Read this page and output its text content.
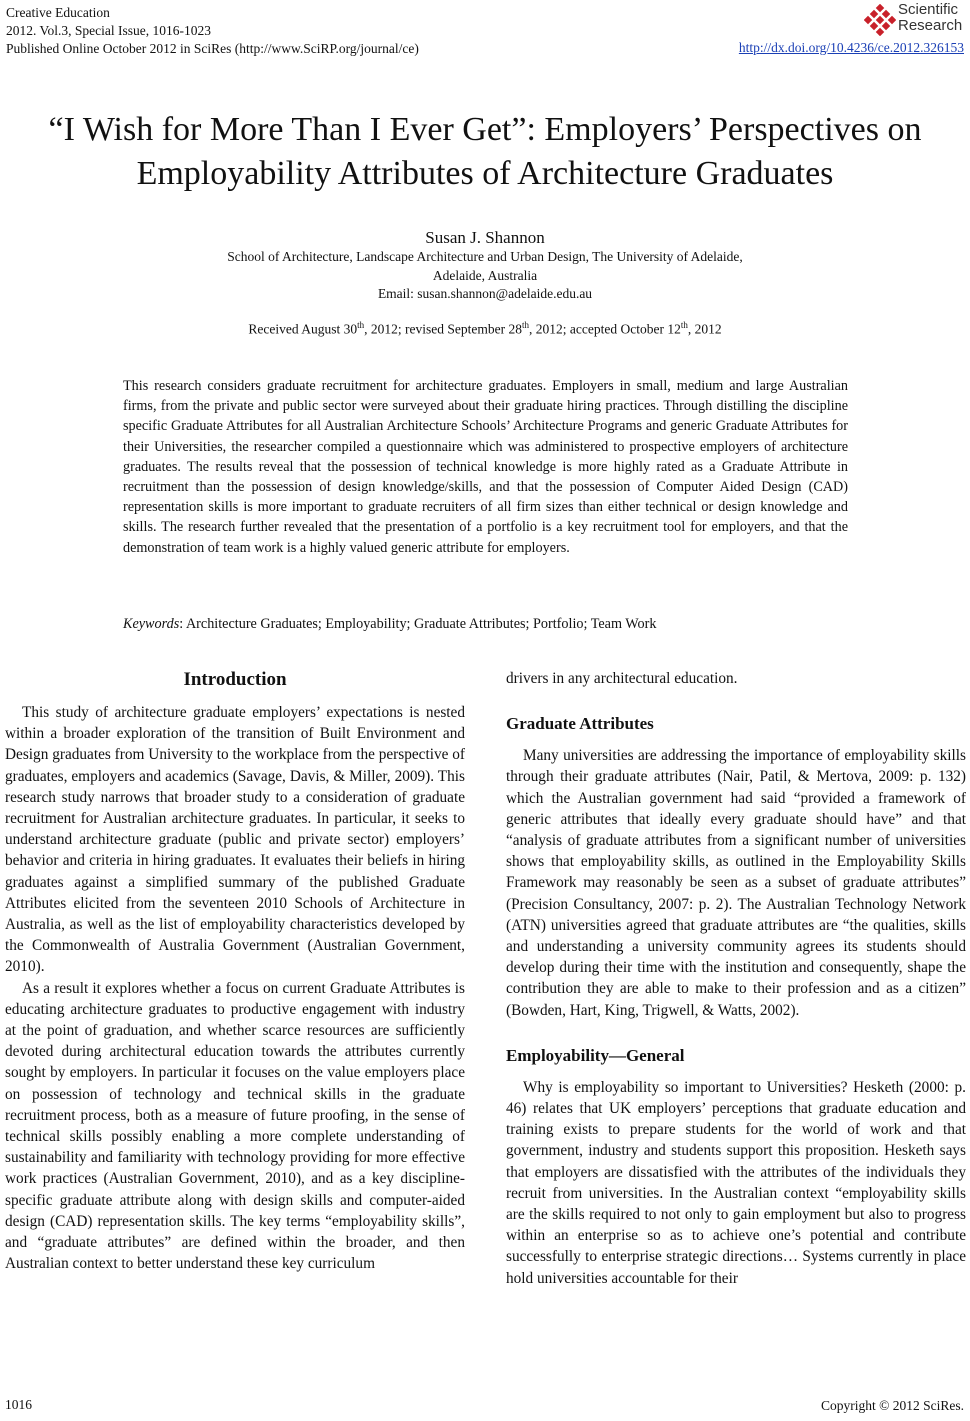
Creative Education
2012. Vol.3, Special Issue, 1016-1023
Published Online October 2012 in SciRes (http://www.SciRP.org/journal/ce)
Scientific
Research
http://dx.doi.org/10.4236/ce.2012.326153
“I Wish for More Than I Ever Get”: Employers’ Perspectives on
Employability Attributes of Architecture Graduates
Susan J. Shannon
School of Architecture, Landscape Architecture and Urban Design, The University of Adelaide,
Adelaide, Australia
Email: susan.shannon@adelaide.edu.au
Received August 30th, 2012; revised September 28th, 2012; accepted October 12th, 2012
This research considers graduate recruitment for architecture graduates. Employers in small, medium and large Australian firms, from the private and public sector were surveyed about their graduate hiring practices. Through distilling the discipline specific Graduate Attributes for all Australian Architecture Schools’ Architecture Programs and generic Graduate Attributes for their Universities, the researcher compiled a questionnaire which was administered to prospective employers of architecture graduates. The results reveal that the possession of technical knowledge is more highly rated as a Graduate Attribute in recruitment than the possession of design knowledge/skills, and that the possession of Computer Aided Design (CAD) representation skills is more important to graduate recruiters of all firm sizes than either technical or design knowledge and skills. The research further revealed that the presentation of a portfolio is a key recruitment tool for employers, and that the demonstration of team work is a highly valued generic attribute for employers.
Keywords: Architecture Graduates; Employability; Graduate Attributes; Portfolio; Team Work
Introduction

This study of architecture graduate employers’ expectations is nested within a broader exploration of the transition of Built Environment and Design graduates from University to the workplace from the perspective of graduates, employers and academics (Savage, Davis, & Miller, 2009). This research study narrows that broader study to a consideration of graduate recruitment for Australian architecture graduates. In particular, it seeks to understand architecture graduate (public and private sector) employers’ behavior and criteria in hiring graduates. It evaluates their beliefs in hiring graduates against a simplified summary of the published Graduate Attributes elicited from the seventeen 2010 Schools of Architecture in Australia, as well as the list of employability characteristics developed by the Commonwealth of Australia Government (Australian Government, 2010).

As a result it explores whether a focus on current Graduate Attributes is educating architecture graduates to productive engagement with industry at the point of graduation, and whether scarce resources are sufficiently devoted during architectural education towards the attributes currently sought by employers. In particular it focuses on the value employers place on possession of technology and technical skills in the graduate recruitment process, both as a measure of future proofing, in the sense of technical skills possibly enabling a more complete understanding of sustainability and familiarity with technology providing for more effective work practices (Australian Government, 2010), and as a key discipline-specific graduate attribute along with design skills and computer-aided design (CAD) representation skills. The key terms “employability skills”, and “graduate attributes” are defined within the broader, and then Australian context to better understand these key curriculum

drivers in any architectural education.

Graduate Attributes

Many universities are addressing the importance of employability skills through their graduate attributes (Nair, Patil, & Mertova, 2009: p. 132) which the Australian government had said “provided a framework of generic attributes that ideally every graduate should have” and that “analysis of graduate attributes from a significant number of universities shows that employability skills, as outlined in the Employability Skills Framework may reasonably be seen as a subset of graduate attributes” (Precision Consultancy, 2007: p. 2). The Australian Technology Network (ATN) universities agreed that graduate attributes are “the qualities, skills and understanding a university community agrees its students should develop during their time with the institution and consequently, shape the contribution they are able to make to their profession and as a citizen” (Bowden, Hart, King, Trigwell, & Watts, 2002).

Employability—General

Why is employability so important to Universities? Hesketh (2000: p. 46) relates that UK employers’ perceptions that graduate education and training exists to prepare students for the world of work and that government, industry and students support this proposition. Hesketh says that employers are dissatisfied with the attributes of the individuals they recruit from universities. In the Australian context “employability skills are the skills required to not only to gain employment but also to progress within an enterprise so as to achieve one’s potential and contribute successfully to enterprise strategic directions… Systems currently in place hold universities accountable for their

1016	Copyright © 2012 SciRes.
